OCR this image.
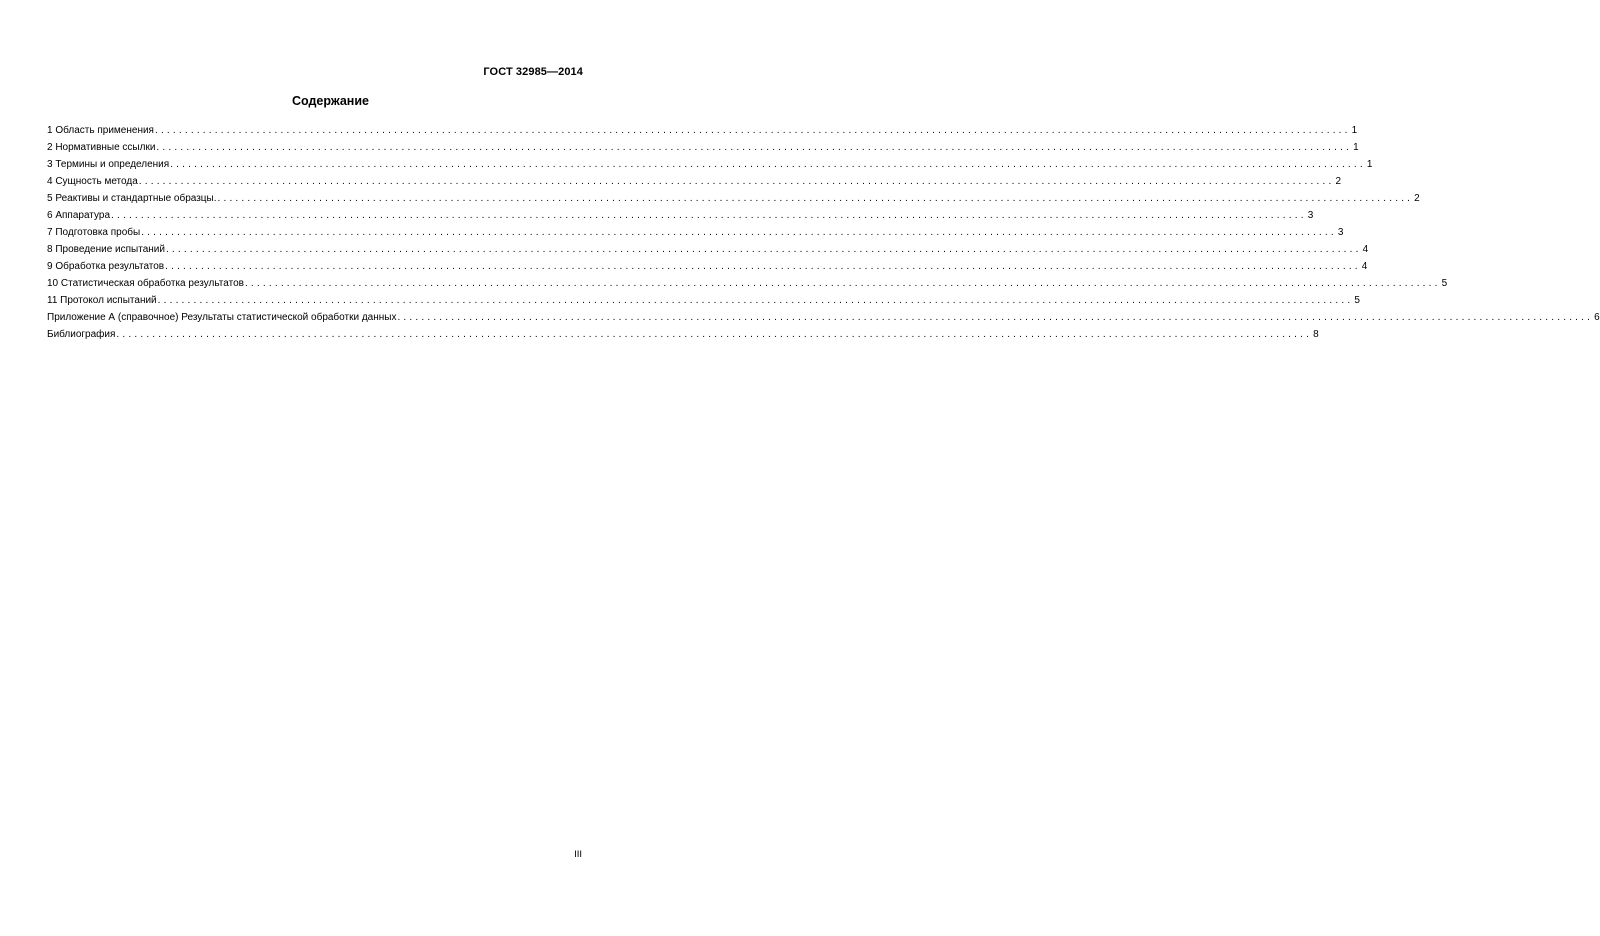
ГОСТ 32985—2014
Содержание
1 Область применения ........................................................................................................................................................................................................ 1
2 Нормативные ссылки ........................................................................................................................................................................................................ 1
3 Термины и определения ........................................................................................................................................................................................................ 1
4 Сущность метода ........................................................................................................................................................................................................ 2
5 Реактивы и стандартные образцы. ........................................................................................................................................................................................................ 2
6 Аппаратура ........................................................................................................................................................................................................ 3
7 Подготовка пробы ........................................................................................................................................................................................................ 3
8 Проведение испытаний ........................................................................................................................................................................................................ 4
9 Обработка результатов ........................................................................................................................................................................................................ 4
10 Статистическая обработка результатов ........................................................................................................................................................................................................ 5
11 Протокол испытаний ........................................................................................................................................................................................................ 5
Приложение А (справочное) Результаты статистической обработки данных ........................................................................................................................................................................................................ 6
Библиография ........................................................................................................................................................................................................ 8
III
